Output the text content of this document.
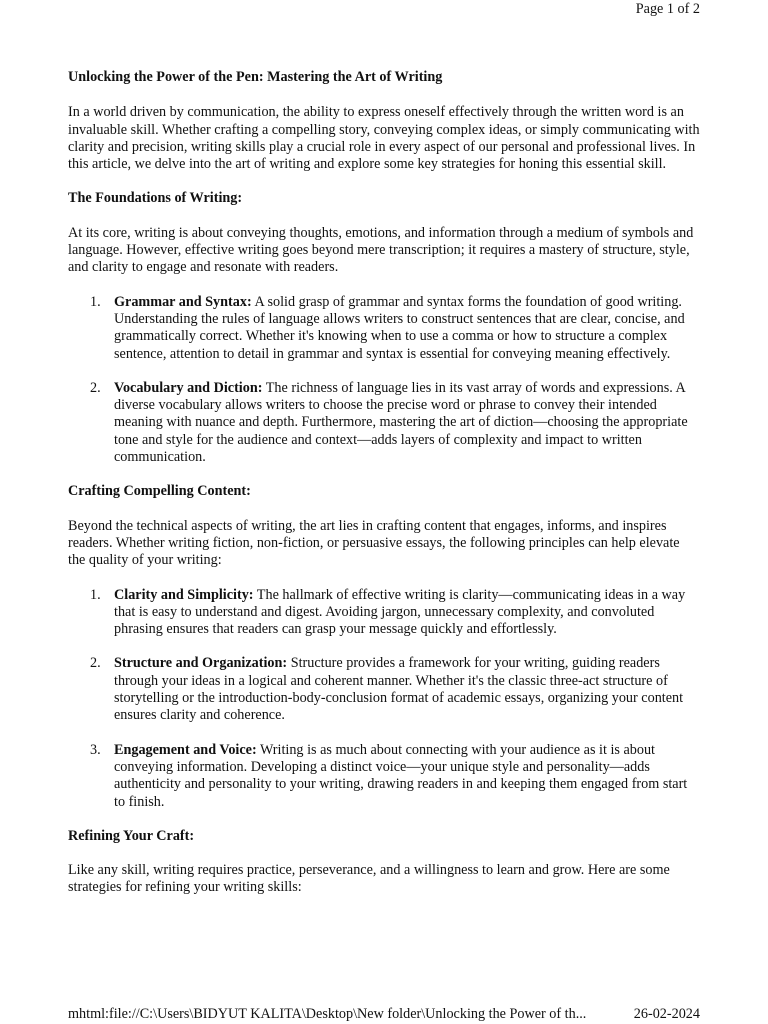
Page 1 of 2
Unlocking the Power of the Pen: Mastering the Art of Writing

In a world driven by communication, the ability to express oneself effectively through the written word is an invaluable skill. Whether crafting a compelling story, conveying complex ideas, or simply communicating with clarity and precision, writing skills play a crucial role in every aspect of our personal and professional lives. In this article, we delve into the art of writing and explore some key strategies for honing this essential skill.

The Foundations of Writing:

At its core, writing is about conveying thoughts, emotions, and information through a medium of symbols and language. However, effective writing goes beyond mere transcription; it requires a mastery of structure, style, and clarity to engage and resonate with readers.

1. Grammar and Syntax: A solid grasp of grammar and syntax forms the foundation of good writing. Understanding the rules of language allows writers to construct sentences that are clear, concise, and grammatically correct. Whether it's knowing when to use a comma or how to structure a complex sentence, attention to detail in grammar and syntax is essential for conveying meaning effectively.
2. Vocabulary and Diction: The richness of language lies in its vast array of words and expressions. A diverse vocabulary allows writers to choose the precise word or phrase to convey their intended meaning with nuance and depth. Furthermore, mastering the art of diction—choosing the appropriate tone and style for the audience and context—adds layers of complexity and impact to written communication.
Crafting Compelling Content:

Beyond the technical aspects of writing, the art lies in crafting content that engages, informs, and inspires readers. Whether writing fiction, non-fiction, or persuasive essays, the following principles can help elevate the quality of your writing:

1. Clarity and Simplicity: The hallmark of effective writing is clarity—communicating ideas in a way that is easy to understand and digest. Avoiding jargon, unnecessary complexity, and convoluted phrasing ensures that readers can grasp your message quickly and effortlessly.
2. Structure and Organization: Structure provides a framework for your writing, guiding readers through your ideas in a logical and coherent manner. Whether it's the classic three-act structure of storytelling or the introduction-body-conclusion format of academic essays, organizing your content ensures clarity and coherence.
3. Engagement and Voice: Writing is as much about connecting with your audience as it is about conveying information. Developing a distinct voice—your unique style and personality—adds authenticity and personality to your writing, drawing readers in and keeping them engaged from start to finish.
Refining Your Craft:

Like any skill, writing requires practice, perseverance, and a willingness to learn and grow. Here are some strategies for refining your writing skills:

mhtml:file://C:\Users\BIDYUT KALITA\Desktop\New folder\Unlocking the Power of th...	26-02-2024
